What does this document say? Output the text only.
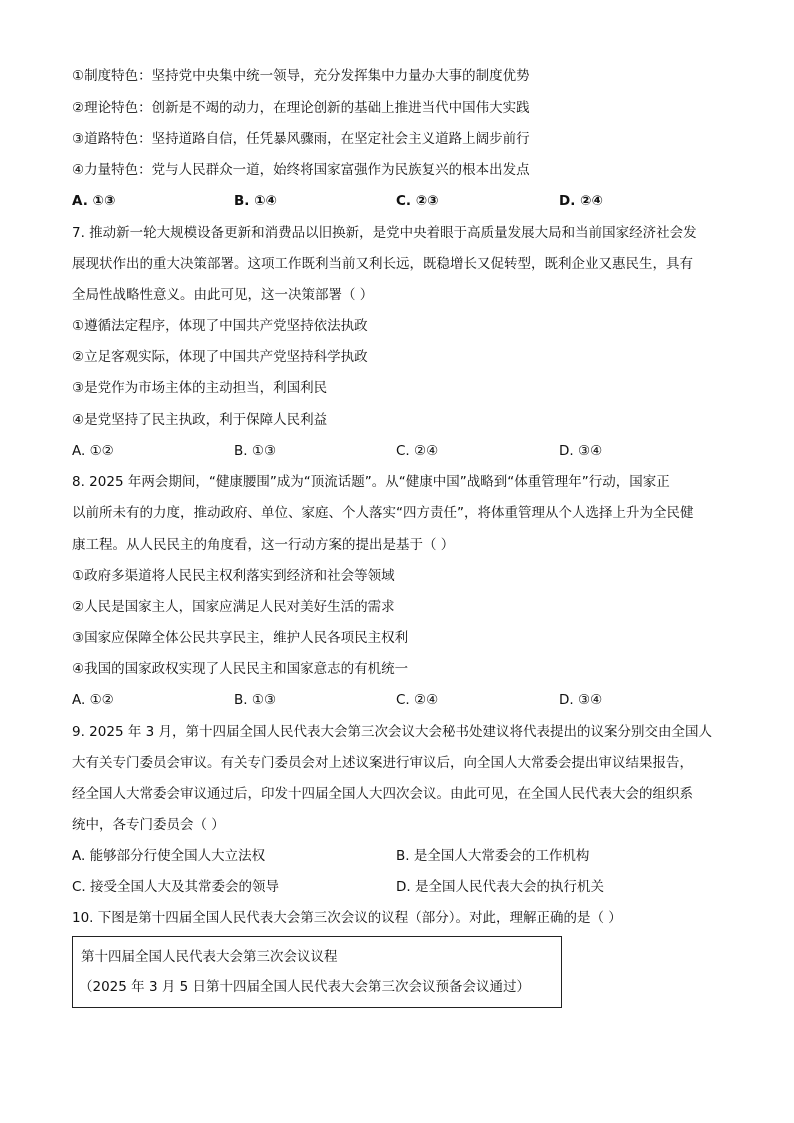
①制度特色：坚持党中央集中统一领导，充分发挥集中力量办大事的制度优势
②理论特色：创新是不竭的动力，在理论创新的基础上推进当代中国伟大实践
③道路特色：坚持道路自信，任凭暴风骤雨，在坚定社会主义道路上阔步前行
④力量特色：党与人民群众一道，始终将国家富强作为民族复兴的根本出发点
A. ①③	B. ①④	C. ②③	D. ②④
7. 推动新一轮大规模设备更新和消费品以旧换新，是党中央着眼于高质量发展大局和当前国家经济社会发
展现状作出的重大决策部署。这项工作既利当前又利长远，既稳增长又促转型，既利企业又惠民生，具有
全局性战略性意义。由此可见，这一决策部署（ ）
①遵循法定程序，体现了中国共产党坚持依法执政
②立足客观实际，体现了中国共产党坚持科学执政
③是党作为市场主体的主动担当，利国利民
④是党坚持了民主执政，利于保障人民利益
A. ①②	B. ①③	C. ②④	D. ③④
8. 2025 年两会期间，“健康腰围”成为“顶流话题”。从“健康中国”战略到“体重管理年”行动，国家正
以前所未有的力度，推动政府、单位、家庭、个人落实“四方责任”，将体重管理从个人选择上升为全民健
康工程。从人民民主的角度看，这一行动方案的提出是基于（ ）
①政府多渠道将人民民主权利落实到经济和社会等领域
②人民是国家主人，国家应满足人民对美好生活的需求
③国家应保障全体公民共享民主，维护人民各项民主权利
④我国的国家政权实现了人民民主和国家意志的有机统一
A. ①②	B. ①③	C. ②④	D. ③④
9. 2025 年 3 月，第十四届全国人民代表大会第三次会议大会秘书处建议将代表提出的议案分别交由全国人
大有关专门委员会审议。有关专门委员会对上述议案进行审议后，向全国人大常委会提出审议结果报告，
经全国人大常委会审议通过后，印发十四届全国人大四次会议。由此可见，在全国人民代表大会的组织系
统中，各专门委员会（ ）
A. 能够部分行使全国人大立法权	B. 是全国人大常委会的工作机构
C. 接受全国人大及其常委会的领导	D. 是全国人民代表大会的执行机关
10. 下图是第十四届全国人民代表大会第三次会议的议程（部分）。对此，理解正确的是（ ）
第十四届全国人民代表大会第三次会议议程
（2025 年 3 月 5 日第十四届全国人民代表大会第三次会议预备会议通过）
